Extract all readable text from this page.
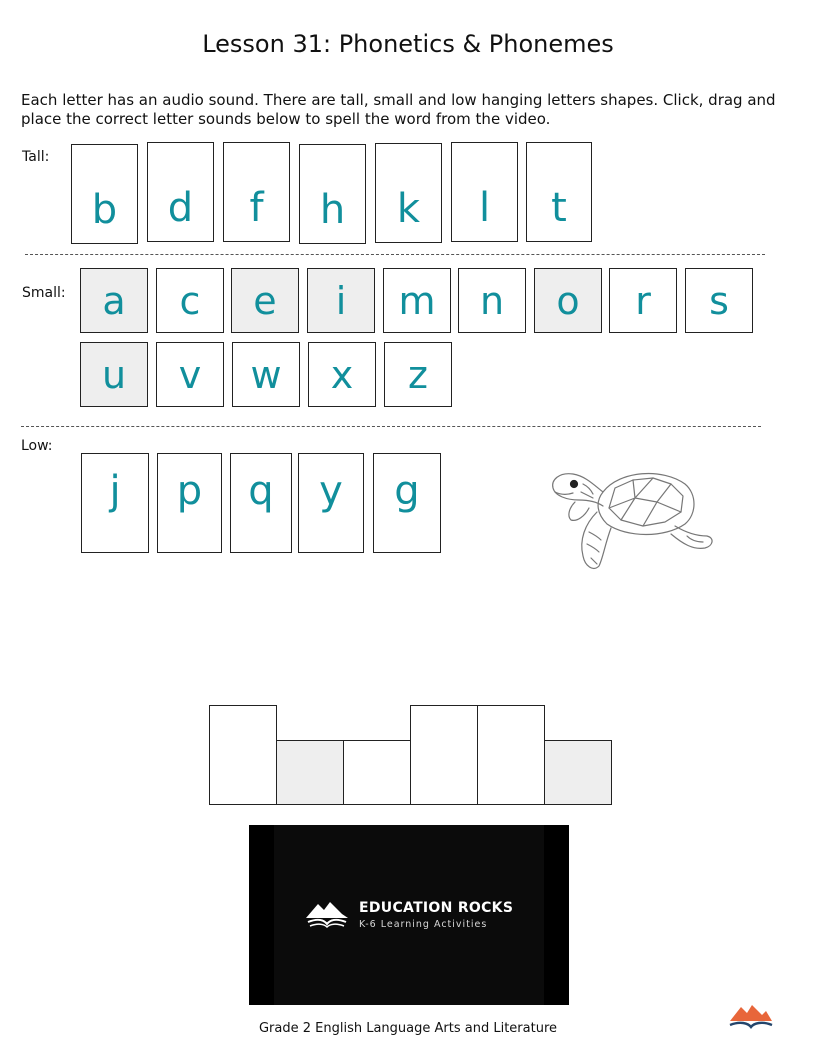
Lesson 31: Phonetics & Phonemes
Each letter has an audio sound. There are tall, small and low hanging letters shapes. Click, drag and place the correct letter sounds below to spell the word from the video.
Tall:
b	d	f	h	k	l	t
Small: a	c	e	i	m	n	o	r	s
u	v	w	x	z
Low:
j	p	q	y	g
EDUCATION ROCKS
K-6 Learning Activities
Grade 2 English Language Arts and Literature
